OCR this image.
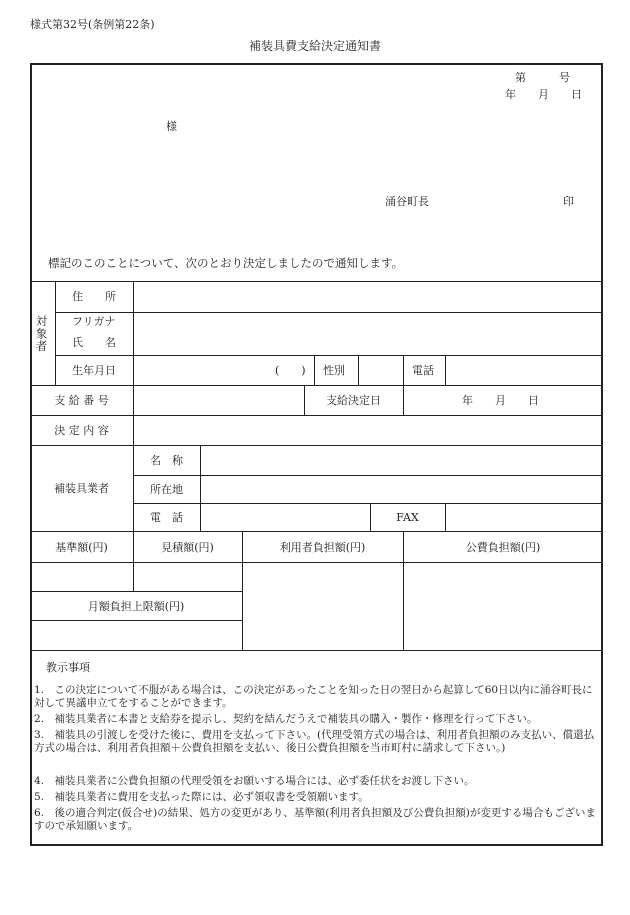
様式第32号(条例第22条)
補装具費支給決定通知書
第　　　号
年　　月　　日
様
涌谷町長	印
標記のこのことについて、次のとおり決定しましたので通知します。
対象者
住　　所
フリガナ
氏　　名
生年月日	(　　) 性別	電話
支 給 番 号	支給決定日	年　　月　　日
決 定 内 容
補装具業者
名　称
所在地
電　話	FAX
基準額(円)	見積額(円)	利用者負担額(円)	公費負担額(円)
月額負担上限額(円)
教示事項
1.　この決定について不服がある場合は、この決定があったことを知った日の翌日から起算して60日以内に涌谷町長に対して異議申立てをすることができます。
2.　補装具業者に本書と支給券を提示し、契約を結んだうえで補装具の購入・製作・修理を行って下さい。
3.　補装具の引渡しを受けた後に、費用を支払って下さい。(代理受領方式の場合は、利用者負担額のみ支払い、償還払方式の場合は、利用者負担額＋公費負担額を支払い、後日公費負担額を当市町村に請求して下さい。)
4.　補装具業者に公費負担額の代理受領をお願いする場合には、必ず委任状をお渡し下さい。
5.　補装具業者に費用を支払った際には、必ず領収書を受領願います。
6.　後の適合判定(仮合せ)の結果、処方の変更があり、基準額(利用者負担額及び公費負担額)が変更する場合もございますので承知願います。
